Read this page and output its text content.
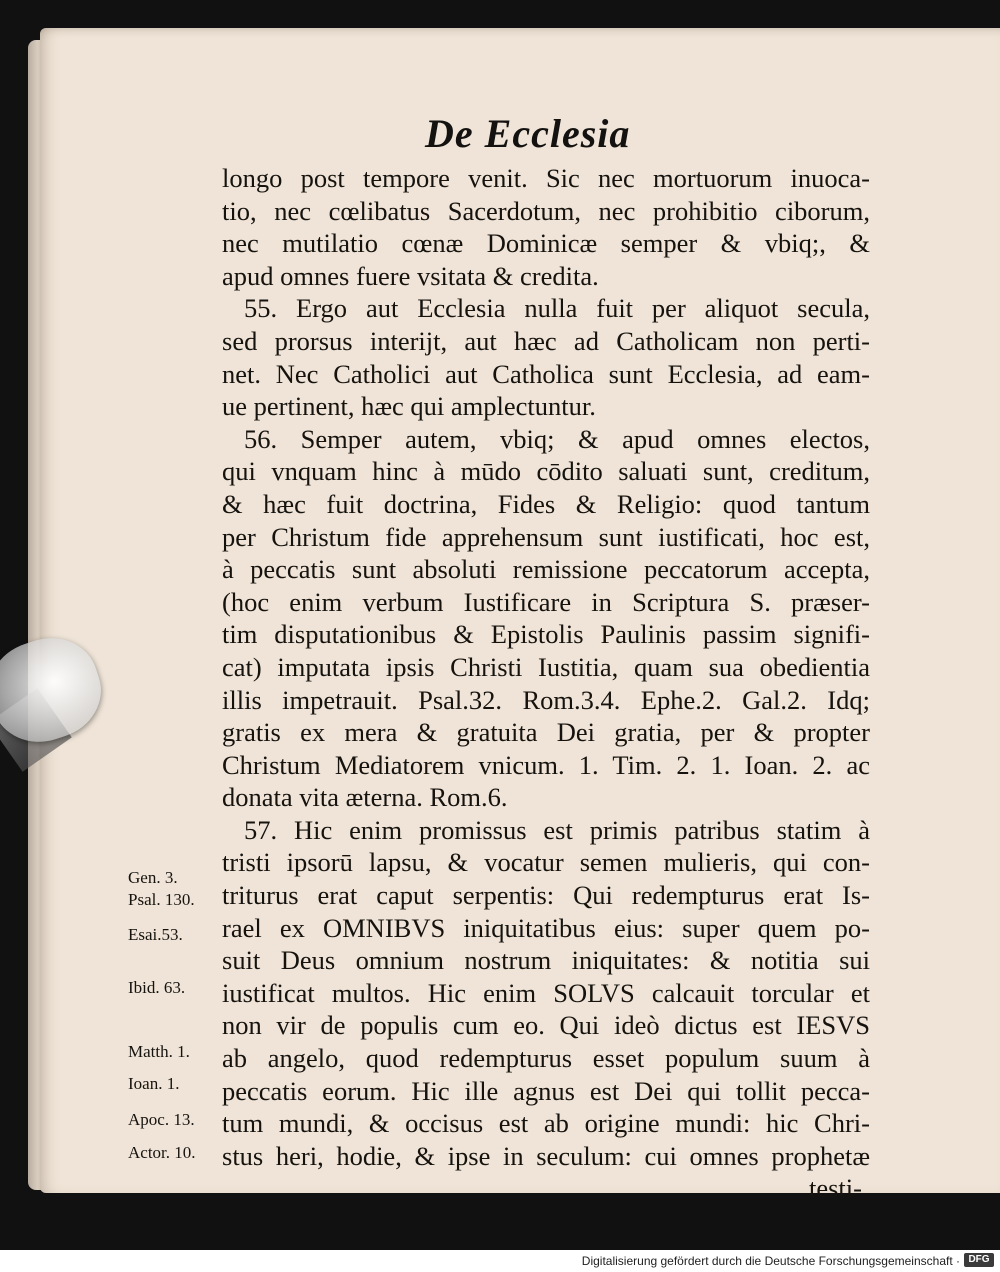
De Ecclesia
longo post tempore venit. Sic nec mortuorum inuoca-
tio, nec cœlibatus Sacerdotum, nec prohibitio ciborum,
nec mutilatio cœnæ Dominicæ semper & vbiq;, &
apud omnes fuere vsitata & credita.
55. Ergo aut Ecclesia nulla fuit per aliquot secula,
sed prorsus interijt, aut hæc ad Catholicam non perti-
net. Nec Catholici aut Catholica sunt Ecclesia, ad eam-
ue pertinent, hæc qui amplectuntur.
56. Semper autem, vbiq; & apud omnes electos,
qui vnquam hinc à mūdo cōdito saluati sunt, creditum,
& hæc fuit doctrina, Fides & Religio: quod tantum
per Christum fide apprehensum sunt iustificati, hoc est,
à peccatis sunt absoluti remissione peccatorum accepta,
(hoc enim verbum Iustificare in Scriptura S. præser-
tim disputationibus & Epistolis Paulinis passim signifi-
cat) imputata ipsis Christi Iustitia, quam sua obedientia
illis impetrauit. Psal.32. Rom.3.4. Ephe.2. Gal.2. Idq;
gratis ex mera & gratuita Dei gratia, per & propter
Christum Mediatorem vnicum. 1. Tim. 2. 1. Ioan. 2. ac
donata vita æterna. Rom.6.
57. Hic enim promissus est primis patribus statim à
tristi ipsorū lapsu, & vocatur semen mulieris, qui con-
triturus erat caput serpentis: Qui redempturus erat Is-
rael ex OMNIBVS iniquitatibus eius: super quem po-
suit Deus omnium nostrum iniquitates: & notitia sui
iustificat multos. Hic enim SOLVS calcauit torcular et
non vir de populis cum eo. Qui ideò dictus est IESVS
ab angelo, quod redempturus esset populum suum à
peccatis eorum. Hic ille agnus est Dei qui tollit pecca-
tum mundi, & occisus est ab origine mundi: hic Chri-
stus heri, hodie, & ipse in seculum: cui omnes prophetæ
testi-
Gen. 3.
Psal. 130.
Esai.53.
Ibid. 63.
Matth. 1.
Ioan. 1.
Apoc. 13.
Actor. 10.
Digitalisierung gefördert durch die Deutsche Forschungsgemeinschaft · DFG
